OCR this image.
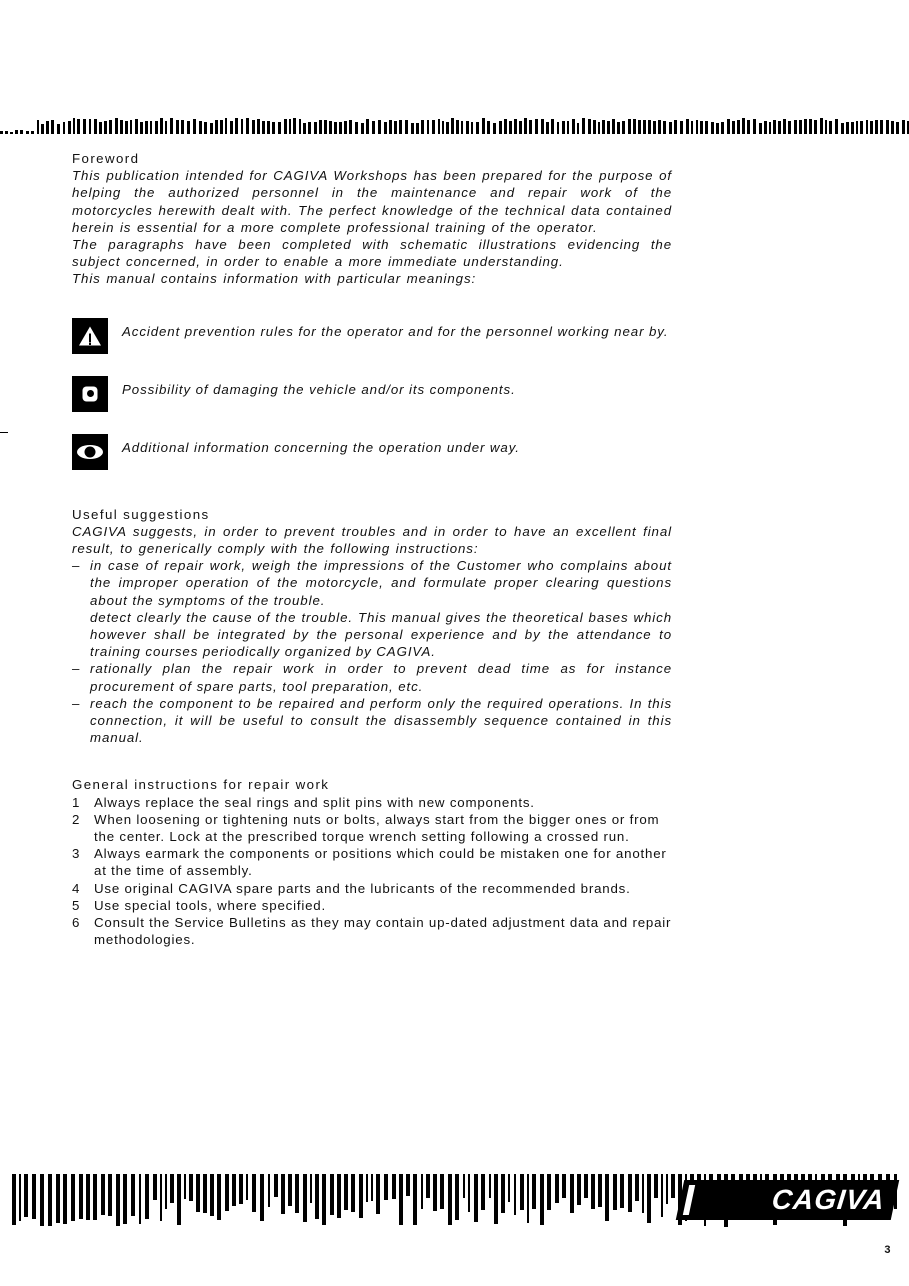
Foreword

This publication intended for CAGIVA Workshops has been prepared for the purpose of helping the authorized personnel in the maintenance and repair work of the motorcycles herewith dealt with. The perfect knowledge of the technical data contained herein is essential for a more complete professional training of the operator.

The paragraphs have been completed with schematic illustrations evidencing the subject concerned, in order to enable a more immediate understanding.

This manual contains information with particular meanings:

Accident prevention rules for the operator and for the personnel working near by.
Possibility of damaging the vehicle and/or its components.
Additional information concerning the operation under way.
Useful suggestions

CAGIVA suggests, in order to prevent troubles and in order to have an excellent final result, to generically comply with the following instructions:

– in case of repair work, weigh the impressions of the Customer who complains about the improper operation of the motorcycle, and formulate proper clearing questions about the symptoms of the trouble.
detect clearly the cause of the trouble. This manual gives the theoretical bases which however shall be integrated by the personal experience and by the attendance to training courses periodically organized by CAGIVA.
– rationally plan the repair work in order to prevent dead time as for instance procurement of spare parts, tool preparation, etc.
– reach the component to be repaired and perform only the required operations. In this connection, it will be useful to consult the disassembly sequence contained in this manual.
General instructions for repair work
1	Always replace the seal rings and split pins with new components.
2	When loosening or tightening nuts or bolts, always start from the bigger ones or from the center. Lock at the prescribed torque wrench setting following a crossed run.
3	Always earmark the components or positions which could be mistaken one for another at the time of assembly.
4	Use original CAGIVA spare parts and the lubricants of the recommended brands.
5	Use special tools, where specified.
6	Consult the Service Bulletins as they may contain up-dated adjustment data and repair methodologies.
CAGIVA
3
